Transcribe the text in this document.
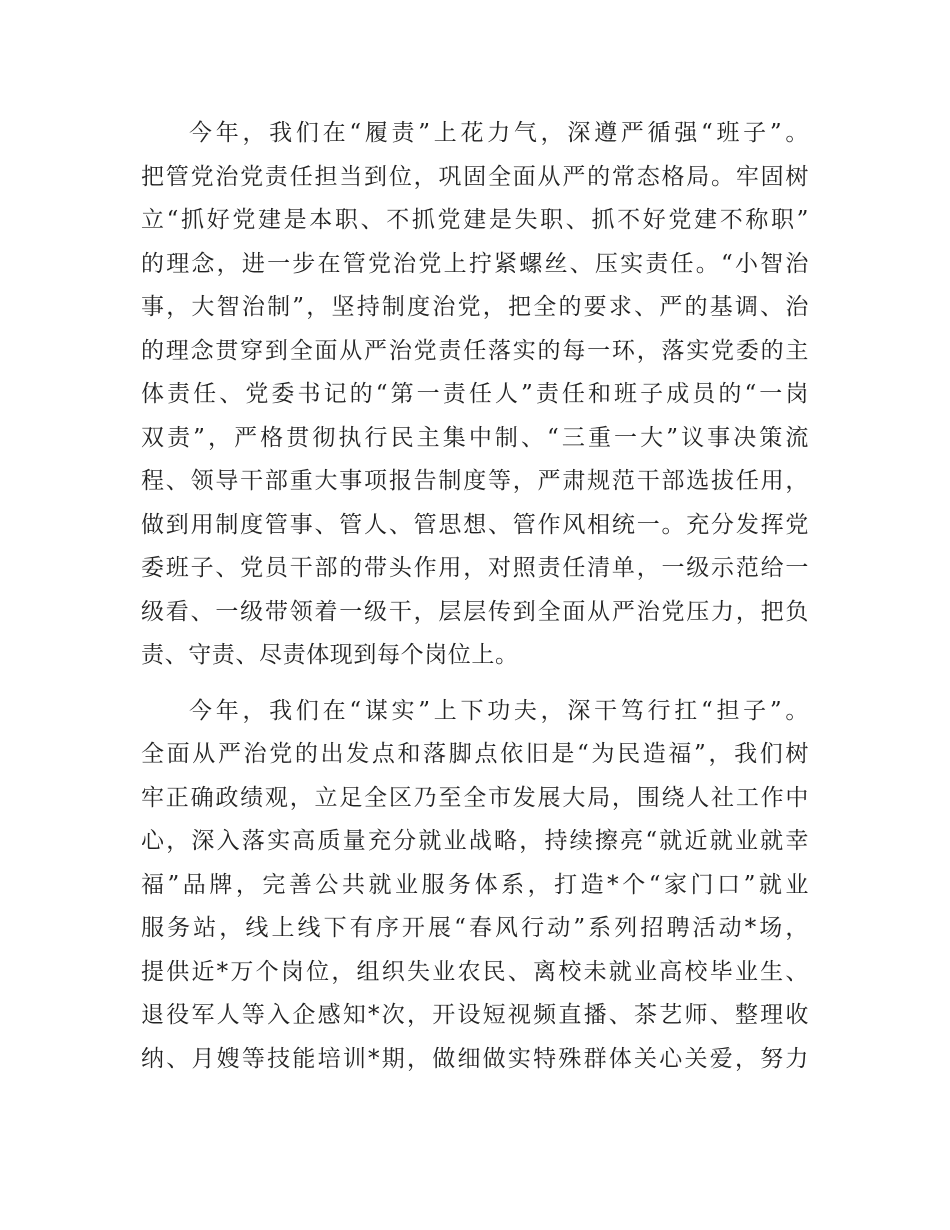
今年，我们在“履责”上花力气，深遵严循强“班子”。
把管党治党责任担当到位，巩固全面从严的常态格局。牢固树
立“抓好党建是本职、不抓党建是失职、抓不好党建不称职”
的理念，进一步在管党治党上拧紧螺丝、压实责任。“小智治
事，大智治制”，坚持制度治党，把全的要求、严的基调、治
的理念贯穿到全面从严治党责任落实的每一环，落实党委的主
体责任、党委书记的“第一责任人”责任和班子成员的“一岗
双责”，严格贯彻执行民主集中制、“三重一大”议事决策流
程、领导干部重大事项报告制度等，严肃规范干部选拔任用，
做到用制度管事、管人、管思想、管作风相统一。充分发挥党
委班子、党员干部的带头作用，对照责任清单，一级示范给一
级看、一级带领着一级干，层层传到全面从严治党压力，把负
责、守责、尽责体现到每个岗位上。
今年，我们在“谋实”上下功夫，深干笃行扛“担子”。
全面从严治党的出发点和落脚点依旧是“为民造福”，我们树
牢正确政绩观，立足全区乃至全市发展大局，围绕人社工作中
心，深入落实高质量充分就业战略，持续擦亮“就近就业就幸
福”品牌，完善公共就业服务体系，打造*个“家门口”就业
服务站，线上线下有序开展“春风行动”系列招聘活动*场，
提供近*万个岗位，组织失业农民、离校未就业高校毕业生、
退役军人等入企感知*次，开设短视频直播、茶艺师、整理收
纳、月嫂等技能培训*期，做细做实特殊群体关心关爱，努力
